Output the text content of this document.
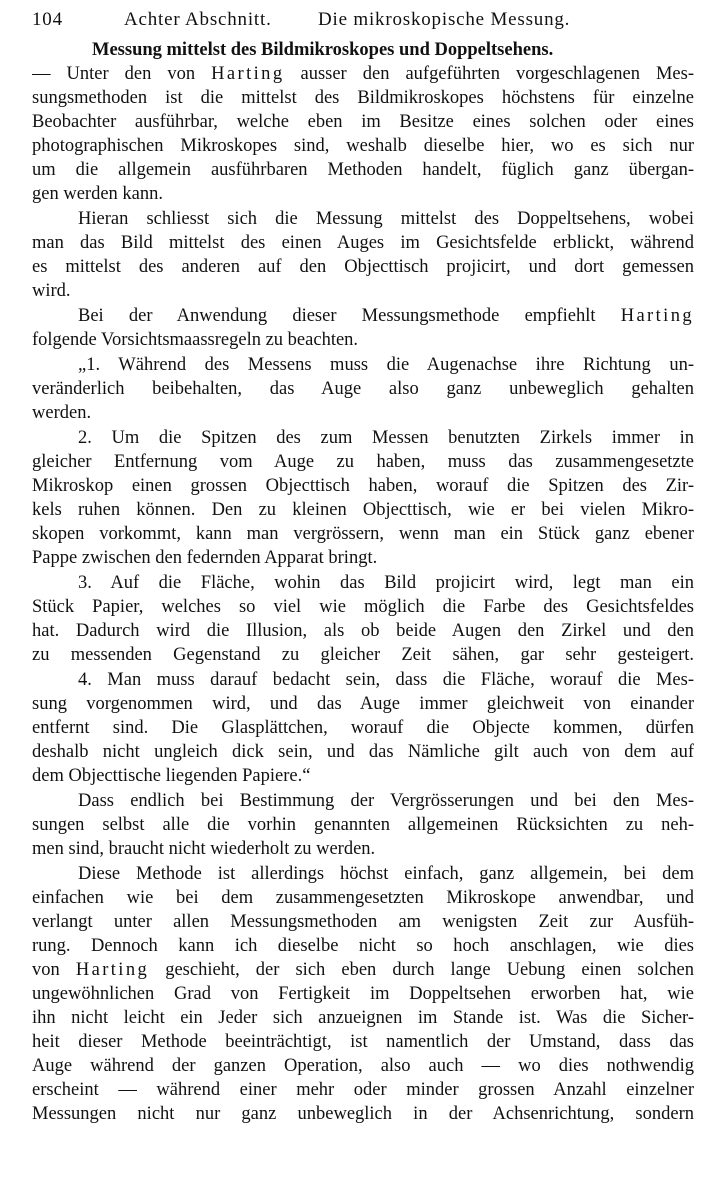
104	Achter Abschnitt. Die mikroskopische Messung.
Messung mittelst des Bildmikroskopes und Doppeltsehens.
— Unter den von Harting ausser den aufgeführten vorgeschlagenen Mes-
sungsmethoden ist die mittelst des Bildmikroskopes höchstens für einzelne
Beobachter ausführbar, welche eben im Besitze eines solchen oder eines
photographischen Mikroskopes sind, weshalb dieselbe hier, wo es sich nur
um die allgemein ausführbaren Methoden handelt, füglich ganz übergan-
gen werden kann.
Hieran schliesst sich die Messung mittelst des Doppeltsehens, wobei
man das Bild mittelst des einen Auges im Gesichtsfelde erblickt, während
es mittelst des anderen auf den Objecttisch projicirt, und dort gemessen
wird.
Bei der Anwendung dieser Messungsmethode empfiehlt Harting
folgende Vorsichtsmaassregeln zu beachten.
„1. Während des Messens muss die Augenachse ihre Richtung un-
veränderlich beibehalten, das Auge also ganz unbeweglich gehalten
werden.
2. Um die Spitzen des zum Messen benutzten Zirkels immer in
gleicher Entfernung vom Auge zu haben, muss das zusammengesetzte
Mikroskop einen grossen Objecttisch haben, worauf die Spitzen des Zir-
kels ruhen können. Den zu kleinen Objecttisch, wie er bei vielen Mikro-
skopen vorkommt, kann man vergrössern, wenn man ein Stück ganz ebener
Pappe zwischen den federnden Apparat bringt.
3. Auf die Fläche, wohin das Bild projicirt wird, legt man ein
Stück Papier, welches so viel wie möglich die Farbe des Gesichtsfeldes
hat. Dadurch wird die Illusion, als ob beide Augen den Zirkel und den
zu messenden Gegenstand zu gleicher Zeit sähen, gar sehr gesteigert.
4. Man muss darauf bedacht sein, dass die Fläche, worauf die Mes-
sung vorgenommen wird, und das Auge immer gleichweit von einander
entfernt sind. Die Glasplättchen, worauf die Objecte kommen, dürfen
deshalb nicht ungleich dick sein, und das Nämliche gilt auch von dem auf
dem Objecttische liegenden Papiere.“
Dass endlich bei Bestimmung der Vergrösserungen und bei den Mes-
sungen selbst alle die vorhin genannten allgemeinen Rücksichten zu neh-
men sind, braucht nicht wiederholt zu werden.
Diese Methode ist allerdings höchst einfach, ganz allgemein, bei dem
einfachen wie bei dem zusammengesetzten Mikroskope anwendbar, und
verlangt unter allen Messungsmethoden am wenigsten Zeit zur Ausfüh-
rung. Dennoch kann ich dieselbe nicht so hoch anschlagen, wie dies
von Harting geschieht, der sich eben durch lange Uebung einen solchen
ungewöhnlichen Grad von Fertigkeit im Doppeltsehen erworben hat, wie
ihn nicht leicht ein Jeder sich anzueignen im Stande ist. Was die Sicher-
heit dieser Methode beeinträchtigt, ist namentlich der Umstand, dass das
Auge während der ganzen Operation, also auch — wo dies nothwendig
erscheint — während einer mehr oder minder grossen Anzahl einzelner
Messungen nicht nur ganz unbeweglich in der Achsenrichtung, sondern
